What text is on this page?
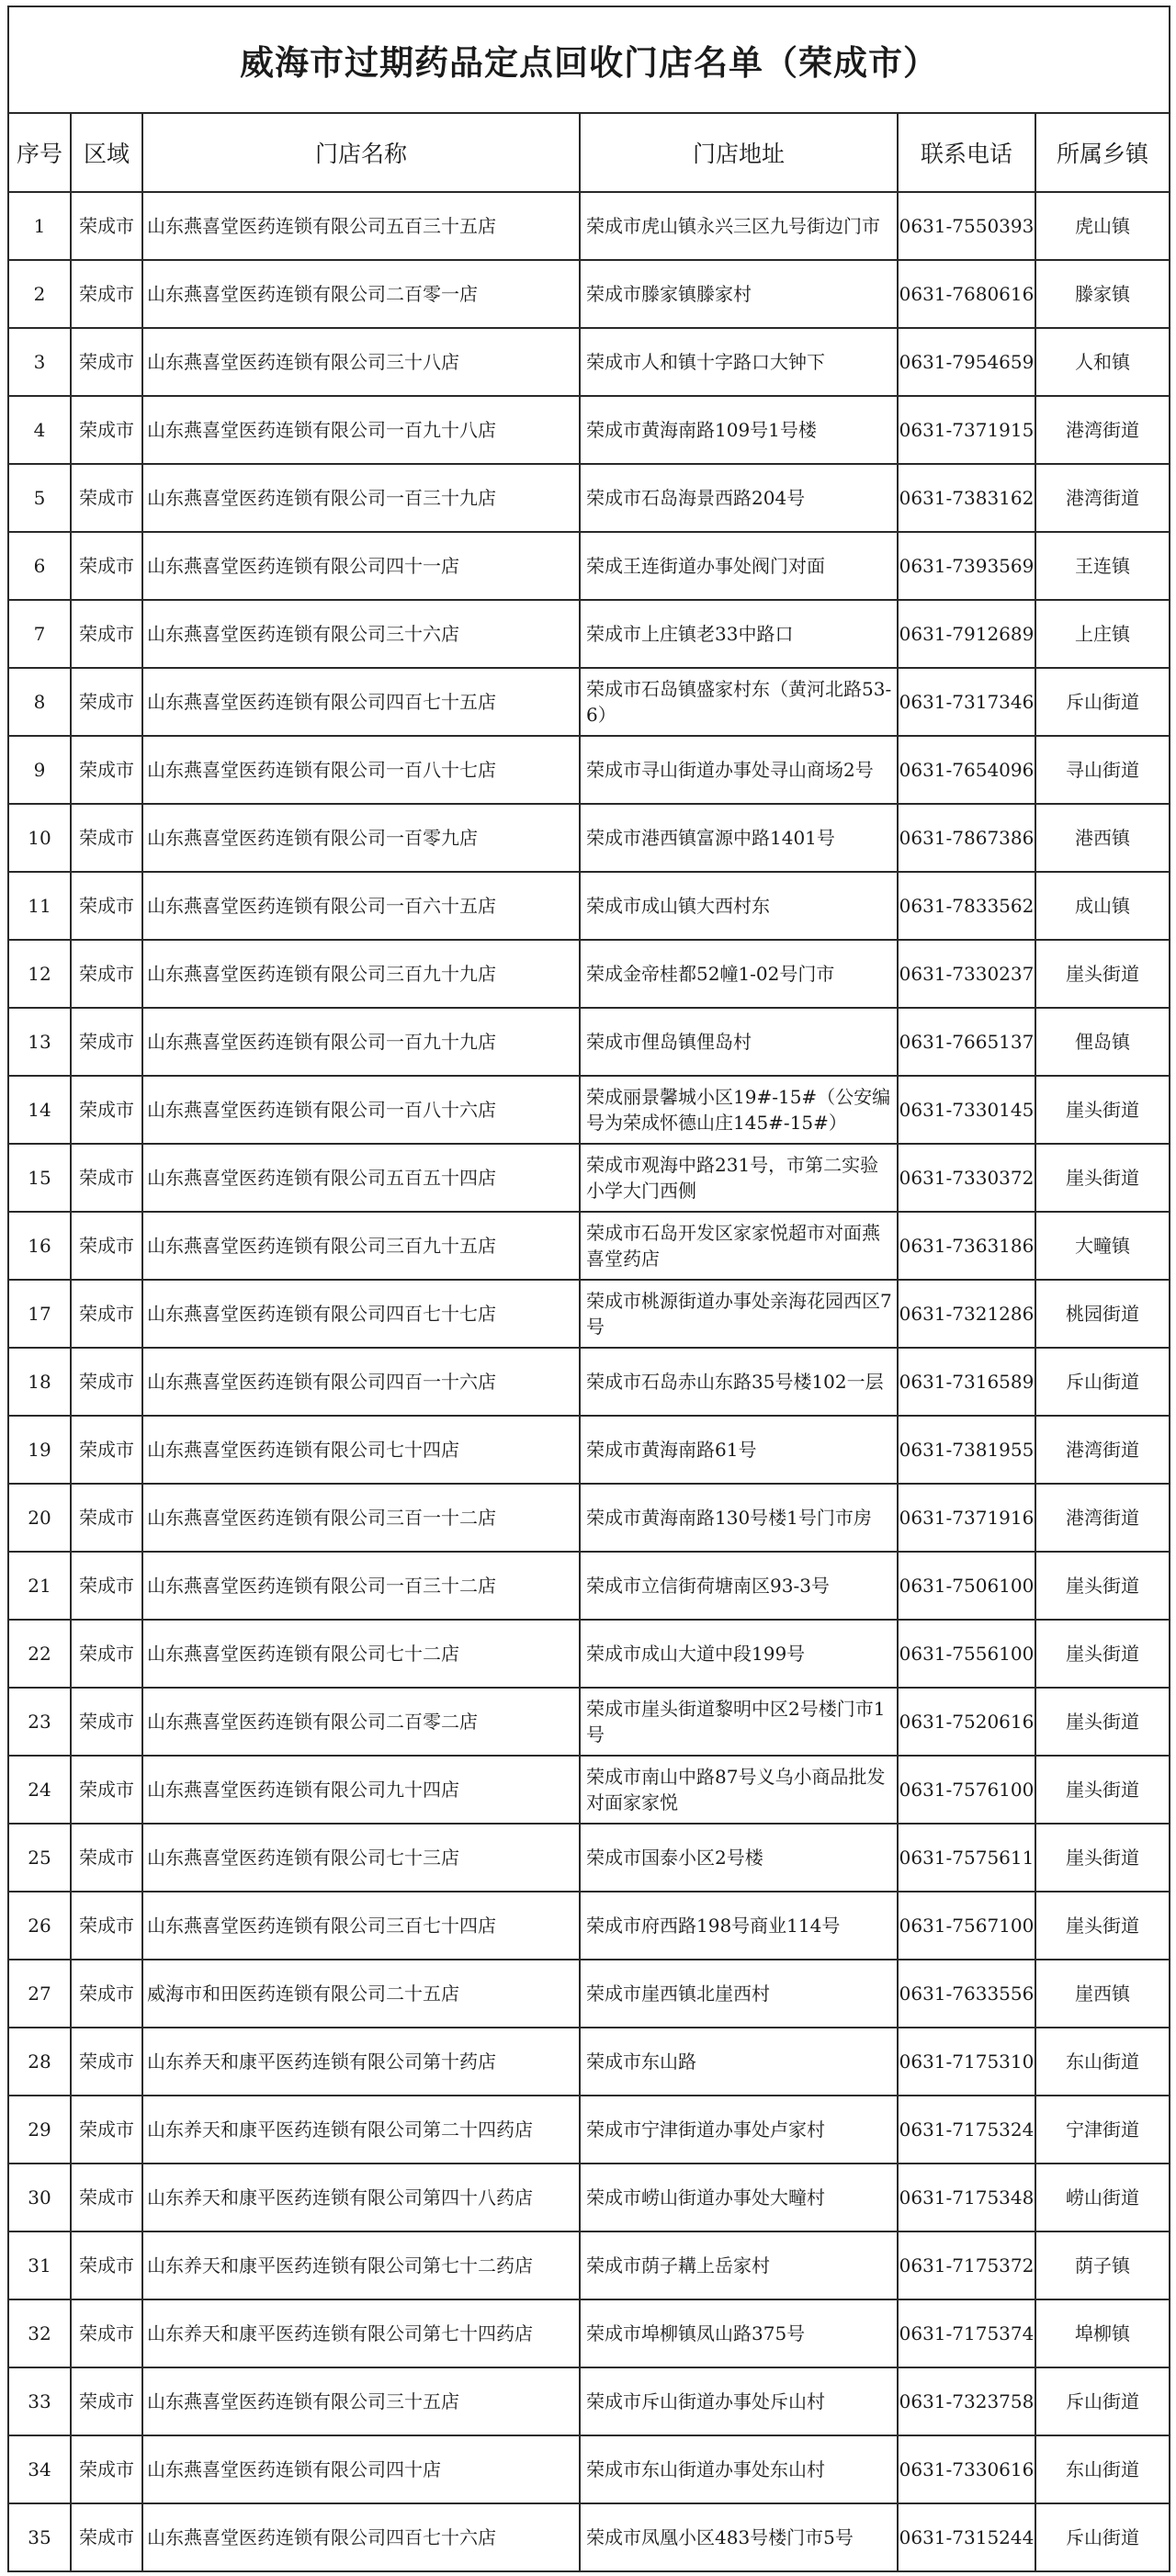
威海市过期药品定点回收门店名单（荣成市）					
序号	区域	门店名称	门店地址	联系电话	所属乡镇
1	荣成市	山东燕喜堂医药连锁有限公司五百三十五店	荣成市虎山镇永兴三区九号街边门市	0631-7550393	虎山镇
2	荣成市	山东燕喜堂医药连锁有限公司二百零一店	荣成市滕家镇滕家村	0631-7680616	滕家镇
3	荣成市	山东燕喜堂医药连锁有限公司三十八店	荣成市人和镇十字路口大钟下	0631-7954659	人和镇
4	荣成市	山东燕喜堂医药连锁有限公司一百九十八店	荣成市黄海南路109号1号楼	0631-7371915	港湾街道
5	荣成市	山东燕喜堂医药连锁有限公司一百三十九店	荣成市石岛海景西路204号	0631-7383162	港湾街道
6	荣成市	山东燕喜堂医药连锁有限公司四十一店	荣成王连街道办事处阀门对面	0631-7393569	王连镇
7	荣成市	山东燕喜堂医药连锁有限公司三十六店	荣成市上庄镇老33中路口	0631-7912689	上庄镇
8	荣成市	山东燕喜堂医药连锁有限公司四百七十五店	荣成市石岛镇盛家村东（黄河北路53-6）	0631-7317346	斥山街道
9	荣成市	山东燕喜堂医药连锁有限公司一百八十七店	荣成市寻山街道办事处寻山商场2号	0631-7654096	寻山街道
10	荣成市	山东燕喜堂医药连锁有限公司一百零九店	荣成市港西镇富源中路1401号	0631-7867386	港西镇
11	荣成市	山东燕喜堂医药连锁有限公司一百六十五店	荣成市成山镇大西村东	0631-7833562	成山镇
12	荣成市	山东燕喜堂医药连锁有限公司三百九十九店	荣成金帝桂都52幢1-02号门市	0631-7330237	崖头街道
13	荣成市	山东燕喜堂医药连锁有限公司一百九十九店	荣成市俚岛镇俚岛村	0631-7665137	俚岛镇
14	荣成市	山东燕喜堂医药连锁有限公司一百八十六店	荣成丽景馨城小区19#-15#（公安编号为荣成怀德山庄145#-15#）	0631-7330145	崖头街道
15	荣成市	山东燕喜堂医药连锁有限公司五百五十四店	荣成市观海中路231号，市第二实验小学大门西侧	0631-7330372	崖头街道
16	荣成市	山东燕喜堂医药连锁有限公司三百九十五店	荣成市石岛开发区家家悦超市对面燕喜堂药店	0631-7363186	大疃镇
17	荣成市	山东燕喜堂医药连锁有限公司四百七十七店	荣成市桃源街道办事处亲海花园西区7号	0631-7321286	桃园街道
18	荣成市	山东燕喜堂医药连锁有限公司四百一十六店	荣成市石岛赤山东路35号楼102一层	0631-7316589	斥山街道
19	荣成市	山东燕喜堂医药连锁有限公司七十四店	荣成市黄海南路61号	0631-7381955	港湾街道
20	荣成市	山东燕喜堂医药连锁有限公司三百一十二店	荣成市黄海南路130号楼1号门市房	0631-7371916	港湾街道
21	荣成市	山东燕喜堂医药连锁有限公司一百三十二店	荣成市立信街荷塘南区93-3号	0631-7506100	崖头街道
22	荣成市	山东燕喜堂医药连锁有限公司七十二店	荣成市成山大道中段199号	0631-7556100	崖头街道
23	荣成市	山东燕喜堂医药连锁有限公司二百零二店	荣成市崖头街道黎明中区2号楼门市1号	0631-7520616	崖头街道
24	荣成市	山东燕喜堂医药连锁有限公司九十四店	荣成市南山中路87号义乌小商品批发对面家家悦	0631-7576100	崖头街道
25	荣成市	山东燕喜堂医药连锁有限公司七十三店	荣成市国泰小区2号楼	0631-7575611	崖头街道
26	荣成市	山东燕喜堂医药连锁有限公司三百七十四店	荣成市府西路198号商业114号	0631-7567100	崖头街道
27	荣成市	威海市和田医药连锁有限公司二十五店	荣成市崖西镇北崖西村	0631-7633556	崖西镇
28	荣成市	山东养天和康平医药连锁有限公司第十药店	荣成市东山路	0631-7175310	东山街道
29	荣成市	山东养天和康平医药连锁有限公司第二十四药店	荣成市宁津街道办事处卢家村	0631-7175324	宁津街道
30	荣成市	山东养天和康平医药连锁有限公司第四十八药店	荣成市崂山街道办事处大疃村	0631-7175348	崂山街道
31	荣成市	山东养天和康平医药连锁有限公司第七十二药店	荣成市荫子耩上岳家村	0631-7175372	荫子镇
32	荣成市	山东养天和康平医药连锁有限公司第七十四药店	荣成市埠柳镇凤山路375号	0631-7175374	埠柳镇
33	荣成市	山东燕喜堂医药连锁有限公司三十五店	荣成市斥山街道办事处斥山村	0631-7323758	斥山街道
34	荣成市	山东燕喜堂医药连锁有限公司四十店	荣成市东山街道办事处东山村	0631-7330616	东山街道
35	荣成市	山东燕喜堂医药连锁有限公司四百七十六店	荣成市凤凰小区483号楼门市5号	0631-7315244	斥山街道
